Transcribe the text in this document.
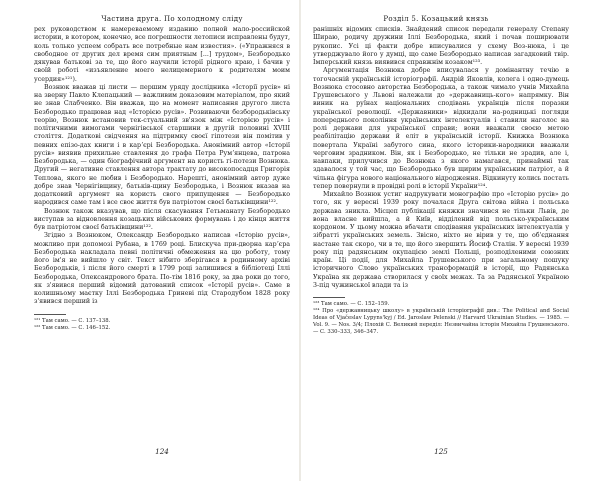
Частина друга. По холодному сліду

рех руководством к намереваемому изданию полной мало-российской истории, в котором, конечно, все погрешности летописи исправлены будут, коль только успеем собрать все потребные нам известия». («Упражняся в свободное от других дел время сим приятным [...] трудом», Безбородько дякував батькові за те, що його научили історії рідного краю, і бачив у своїй роботі «изъявление моего нелицемерного к родителям моим усердия»¹²¹).

Вознюк вважав ці листи — першим уряду дослідника «Історії русів» ні на зверну Павло Клепацький — важливим доказовим матеріалом, про який не знав Слабченко. Він вважав, що на момент написання другого листа Безбородько працював над «Історією русів». Розвиваючи безбородьківську теорію, Вознюк встановив тек-стуальний зв'язок між «Історією русів» і політичними вимогами чернігівської старшини в другій половині XVIII століття. Додатковi свідчення на підтримку своєї гіпотези він помітив у певних епізо-дах книги і в карʼєрі Безбородька. Анонімний автор «Історії русів» виявив прихильне ставлення до графа Петра Румʼянцева, патрона Безбородька, — один біографічний аргумент на користь гі-потези Вознюка. Другий — негативне ставлення автора трактату до високопосадця Григорія Теплова, якого не любив і Безбородько. Нарешті, анонімний автор дуже добре знав Чернігівщину, батьків-щину Безбородька, і Вознюк вказав на додатковий аргумент на користь свого припущення — Безбородько народився саме там і все своє життя був патріотом своєї батьківщини¹²².

Вознюк також вказував, що після скасування Гетьманату Безбородько виступав за відновлення козацьких військових формувань і до кінця життя був патріотом своєї батьківщини¹²².

Згідно з Вознюком, Олександр Безбородько написав «Історію русів», можливо при допомозі Рубана, в 1769 році. Блискуча при-дворна карʼєра Безбородька накладала певні політичні обмеження на цю роботу, тому його ім'я не вийшло у світ. Текст нібито зберігався в родинному архіві Безбородьків, і після його смерті в 1799 році залишився в бібліотеці Іллі Безбородька, Олександрового брата. По-тім 1816 року, за два роки до того, як з'явився перший відомий датований список «Історії русів». Саме в колишньому маєтку Іллі Безбородька Гриневі під Стародубом 1828 року з'явився перший із

¹²¹ Там само. — С. 137–138.

¹²² Там само. — С. 146–152.

124
Розділ 5. Козацький князь

ранішніх відомих списків. Знайдений список передали генералу Степану Шираю, родичу дружини Іллі Безбородька, який і почав поширювати рукопис. Усі ці факти добре вписувалися у схему Воз-нюка, і це утверджувало його у думці, що саме Безбородько написав загадковий твір. Імперський князь виявився справжнім козаком¹²³.

Аргументація Вознюка добре вписувалася у домінантну течію в тогочасній українській історіографії. Андрій Яковлів, колега і одно-думець Вознюка стосовно авторства Безбородька, а також чимало учнів Михайла Грушевського у Львові належали до «державниць-кого» напрямку. Він виник на руїнах національних сподівань українців після поразки української революції. «Державники» відкидали на-родницькі погляди попереднього покоління українських інтелектуалів і ставили наголос на ролі держави для української справи; вони вважали своєю метою реабілітацію держави й еліт в українській історії. Книжка Вознюка повертала Україні забутого сина, якого історики-народники вважали черговим зрадником. Він, як і Безбородько, не тільки не зрадив, але і, навпаки, прилучився до Вознюка з якого намагався, принаймні так здавалося у той час, що Безбородько був щирим українським патріот, а й чільна фігура нового національного відродження. Відкинуту колись постать тепер повернули в провідні ролі в історії України¹²⁴.

Михайло Вознюк устиг надрукувати монографію про «Історію русів» до того, як у вересні 1939 року почалася Друга світова війна і польська держава зникла. Місцеп публікації княжки значився не тільки Львів, де вона власне вийшла, а й Київ, відділений від польсько-українським кордоном. У цьому можна вбачати сподівання українських інтелектуалів у зібратті українських земель. Звісно, ніхто не вірив у те, що об'єднання настане так скоро, чи в те, що його звершить Йосиф Сталін. У вересні 1939 року під радянським окупацією землі Польщі, розподіленими союзних країн. Ці події, для Михайла Грушевського при загальному пошуку історичного Слово українських трансформацій в історії, що Радянська Україна як держава створилася у своїх межах. Та за Радянської Україною 3-під чужинської влади та із

¹²³ Там само. — С. 152–159.

¹²⁴ Про «державницьку школу» в українській історіографії див.: The Political and Social Ideas of Vjačeslav Lypyns'kyj / Ed. Jaroslaw Pelenski // Harvard Ukrainian Studies. — 1985. — Vol. 9. — Nos. 3/4; Плохій С. Великий переділ: Незвичайна історія Михайла Грушевського. — С. 330–333, 346–347.

125
